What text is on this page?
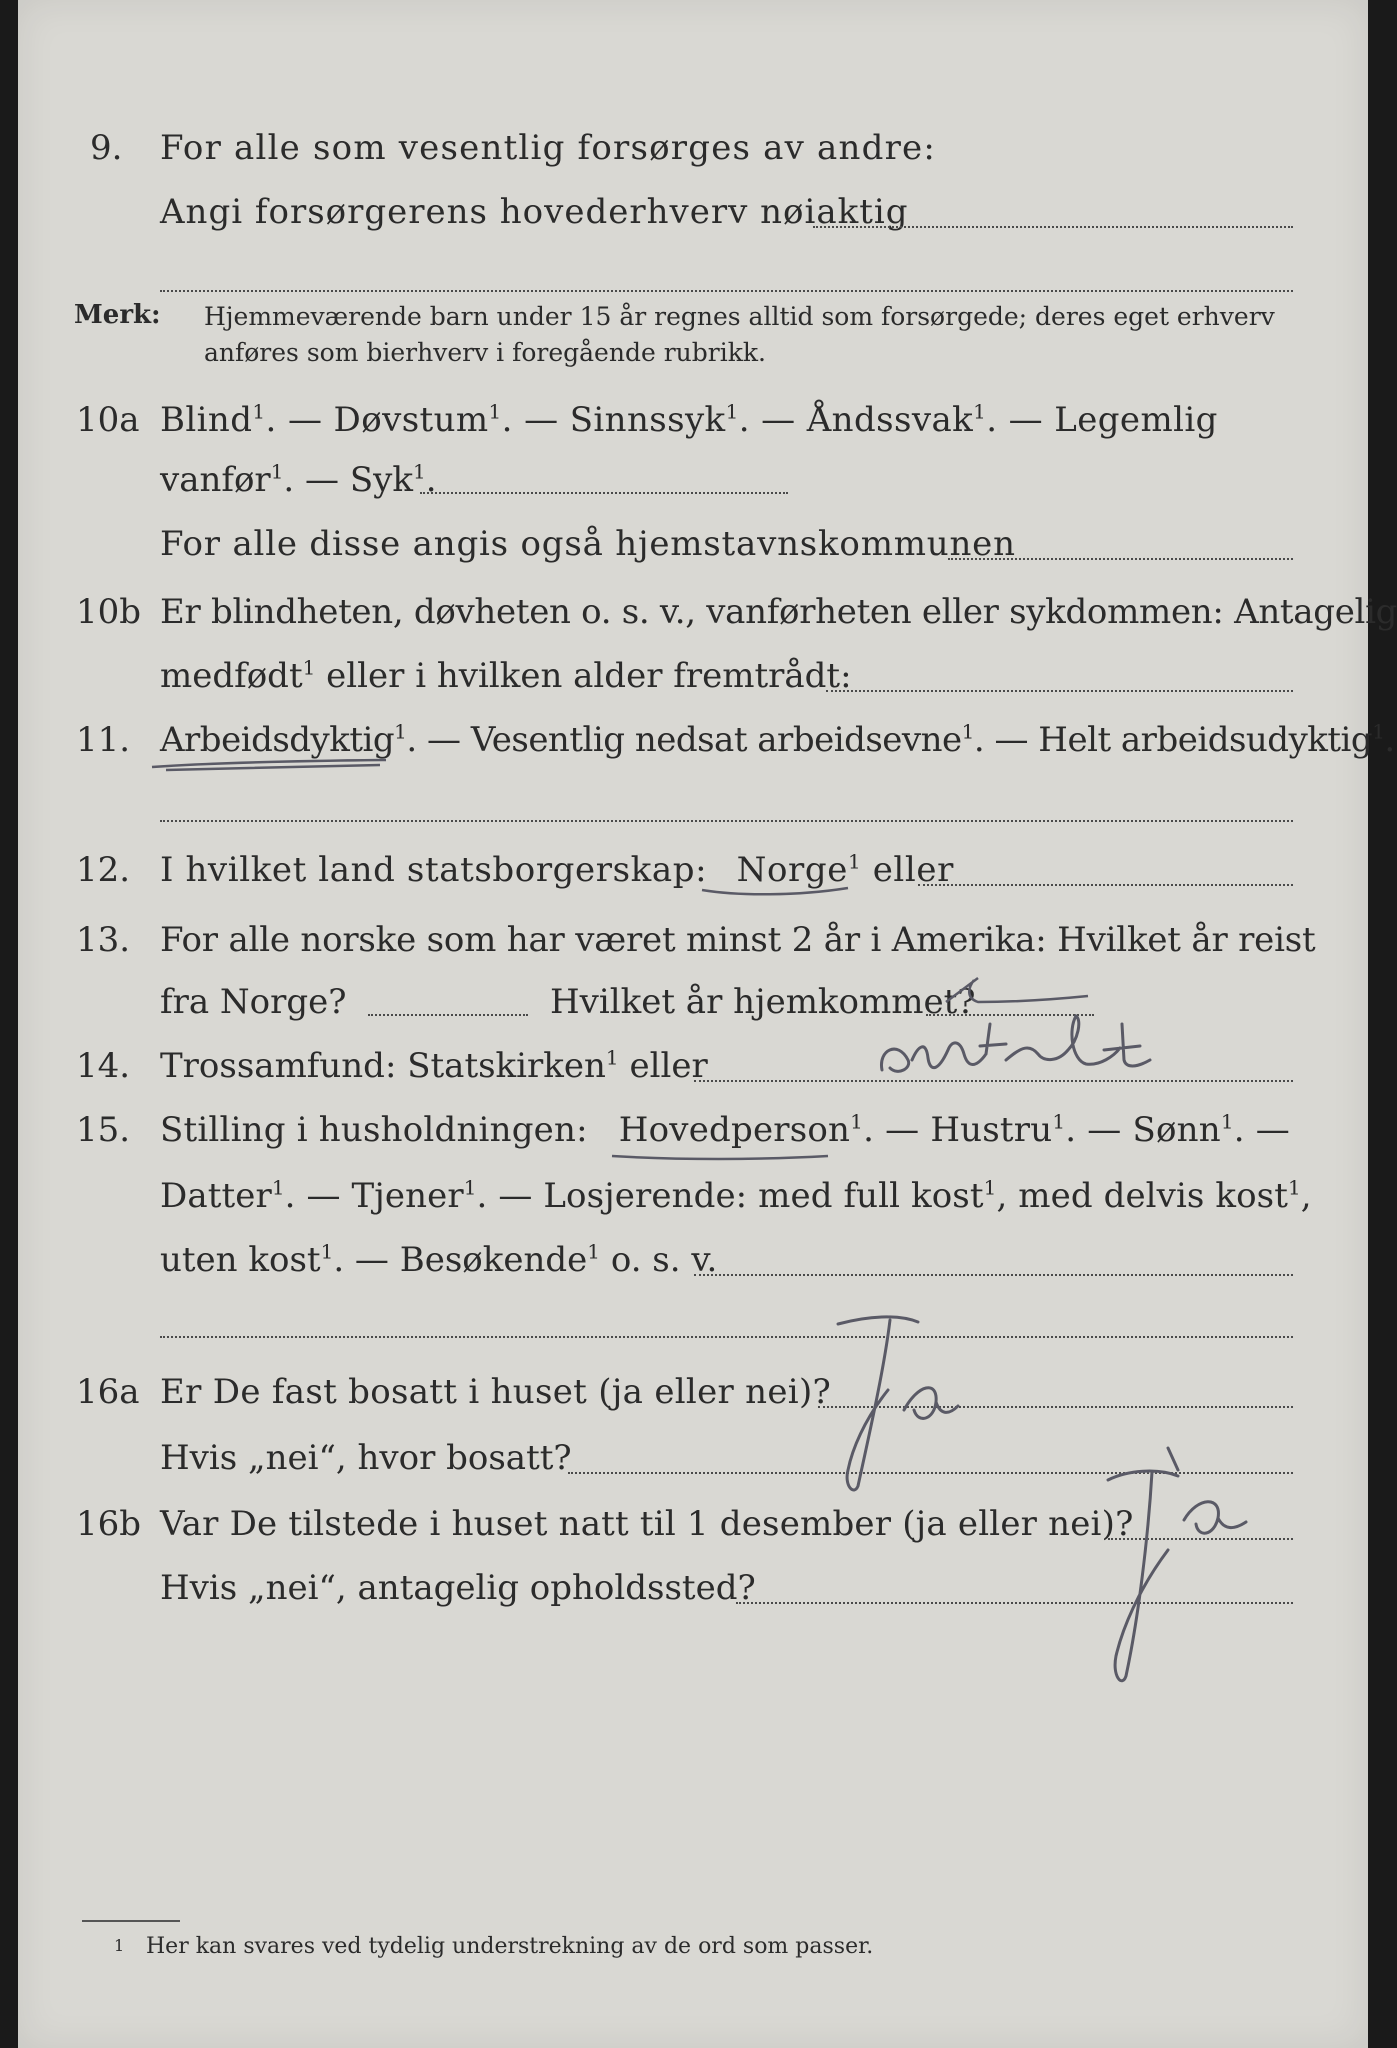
9. For alle som vesentlig forsørges av andre:
Angi forsørgerens hovederhverv nøiaktig
Merk: Hjemmeværende barn under 15 år regnes alltid som forsørgede; deres eget erhverv
anføres som bierhverv i foregående rubrikk.
10a Blind$^1$. — Døvstum$^1$. — Sinnssyk$^1$. — Åndssvak$^1$. — Legemlig
vanfør$^1$. — Syk$^1$.
For alle disse angis også hjemstavnskommunen
10b Er blindheten, døvheten o. s. v., vanførheten eller sykdommen: Antagelig
medfødt$^1$ eller i hvilken alder fremtrådt:
11. Arbeidsdyktig$^1$. — Vesentlig nedsat arbeidsevne$^1$. — Helt arbeidsudyktig$^1$.
12. I hvilket land statsborgerskap: Norge$^1$ eller
13. For alle norske som har været minst 2 år i Amerika: Hvilket år reist
fra Norge?	Hvilket år hjemkommet?
14. Trossamfund: Statskirken$^1$ eller	Intet
15. Stilling i husholdningen: Hovedperson$^1$. — Hustru$^1$. — Sønn$^1$. —
Datter$^1$. — Tjener$^1$. — Losjerende: med full kost$^1$, med delvis kost$^1$,
uten kost$^1$. — Besøkende$^1$ o. s. v.
16a Er De fast bosatt i huset (ja eller nei)?
Hvis „nei“, hvor bosatt?
Ja
16b Var De tilstede i huset natt til 1 desember (ja eller nei)?
Hvis „nei“, antagelig opholdssted?
Ja
1 Her kan svares ved tydelig understrekning av de ord som passer.
